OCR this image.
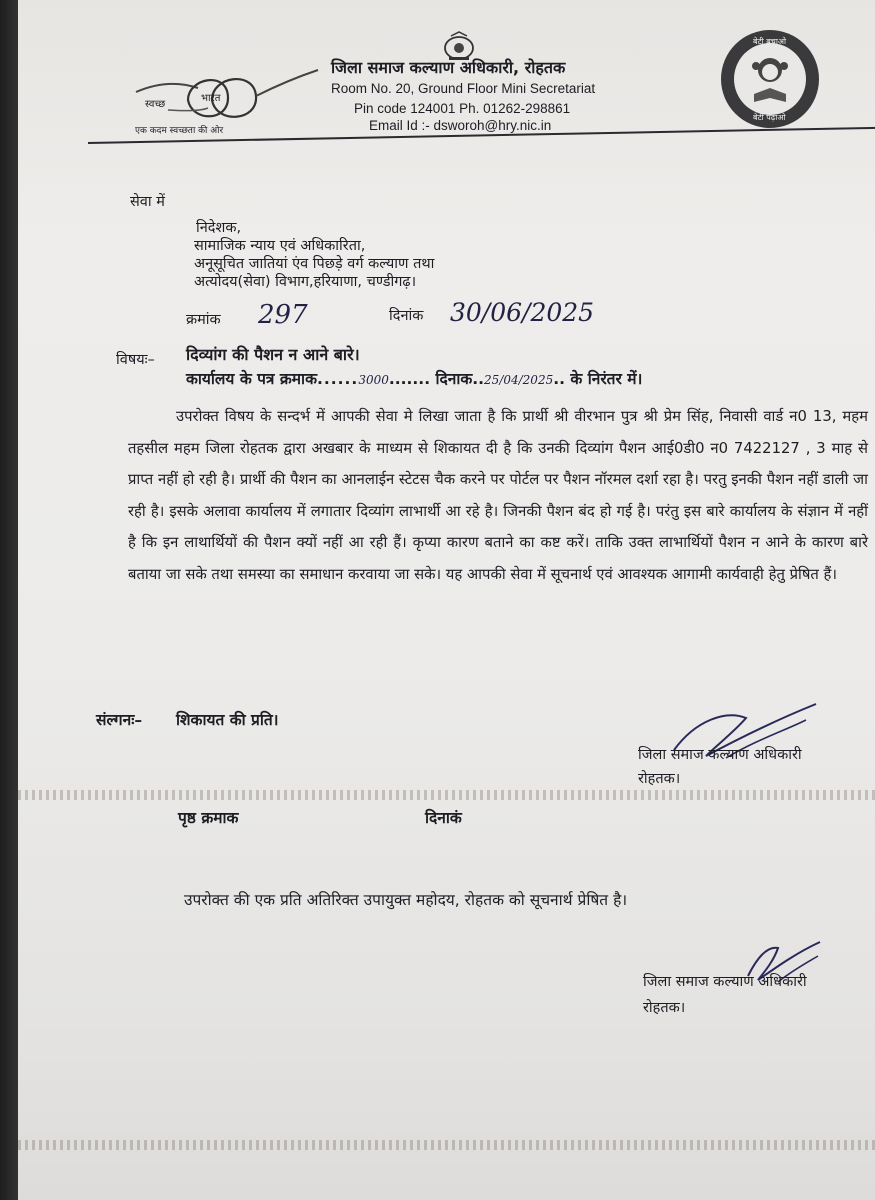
स्वच्छ
भारत
एक कदम स्वच्छता की ओर
जिला समाज कल्याण अधिकारी, रोहतक
Room No. 20, Ground Floor Mini Secretariat
Pin code 124001 Ph. 01262-298861
Email Id :- dsworoh@hry.nic.in
बेटी बचाओ
बेटी पढ़ाओ
सेवा में
निदेशक,
सामाजिक न्याय एवं अधिकारिता,
अनूसूचित जातियां एंव पिछड़े वर्ग कल्याण तथा
अत्योदय(सेवा) विभाग,हरियाणा, चण्डीगढ़।
क्रमांक 297	दिनांक 30/06/2025
विषयः– दिव्यांग की पैशन न आने बारे।
कार्यालय के पत्र क्रमाक......3000....... दिनाक..25/04/2025.. के निरंतर में।
उपरोक्त विषय के सन्दर्भ में आपकी सेवा मे लिखा जाता है कि प्रार्थी श्री वीरभान पुत्र श्री प्रेम सिंह, निवासी वार्ड न0 13, महम तहसील महम जिला रोहतक द्वारा अखबार के माध्यम से शिकायत दी है कि उनकी दिव्यांग पैशन आई0डी0 न0 7422127 , 3 माह से प्राप्त नहीं हो रही है। प्रार्थी की पैशन का आनलाईन स्टेटस चैक करने पर पोर्टल पर पैशन नॉरमल दर्शा रहा है। परतु इनकी पैशन नहीं डाली जा रही है। इसके अलावा कार्यालय में लगातार दिव्यांग लाभार्थी आ रहे है। जिनकी पैशन बंद हो गई है। परंतु इस बारे कार्यालय के संज्ञान में नहीं है कि इन लाथार्थियों की पैशन क्यों नहीं आ रही हैं। कृप्या कारण बताने का कष्ट करें। ताकि उक्त लाभार्थियों पैशन न आने के कारण बारे बताया जा सके तथा समस्या का समाधान करवाया जा सके। यह आपकी सेवा में सूचनार्थ एवं आवश्यक आगामी कार्यवाही हेतु प्रेषित हैं।
संल्गनः– शिकायत की प्रति।
जिला समाज कल्याण अधिकारी
रोहतक।
पृष्ठ क्रमाक	दिनाकं
उपरोक्त की एक प्रति अतिरिक्त उपायुक्त महोदय, रोहतक को सूचनार्थ प्रेषित है।
जिला समाज कल्याण अधिकारी
रोहतक।
